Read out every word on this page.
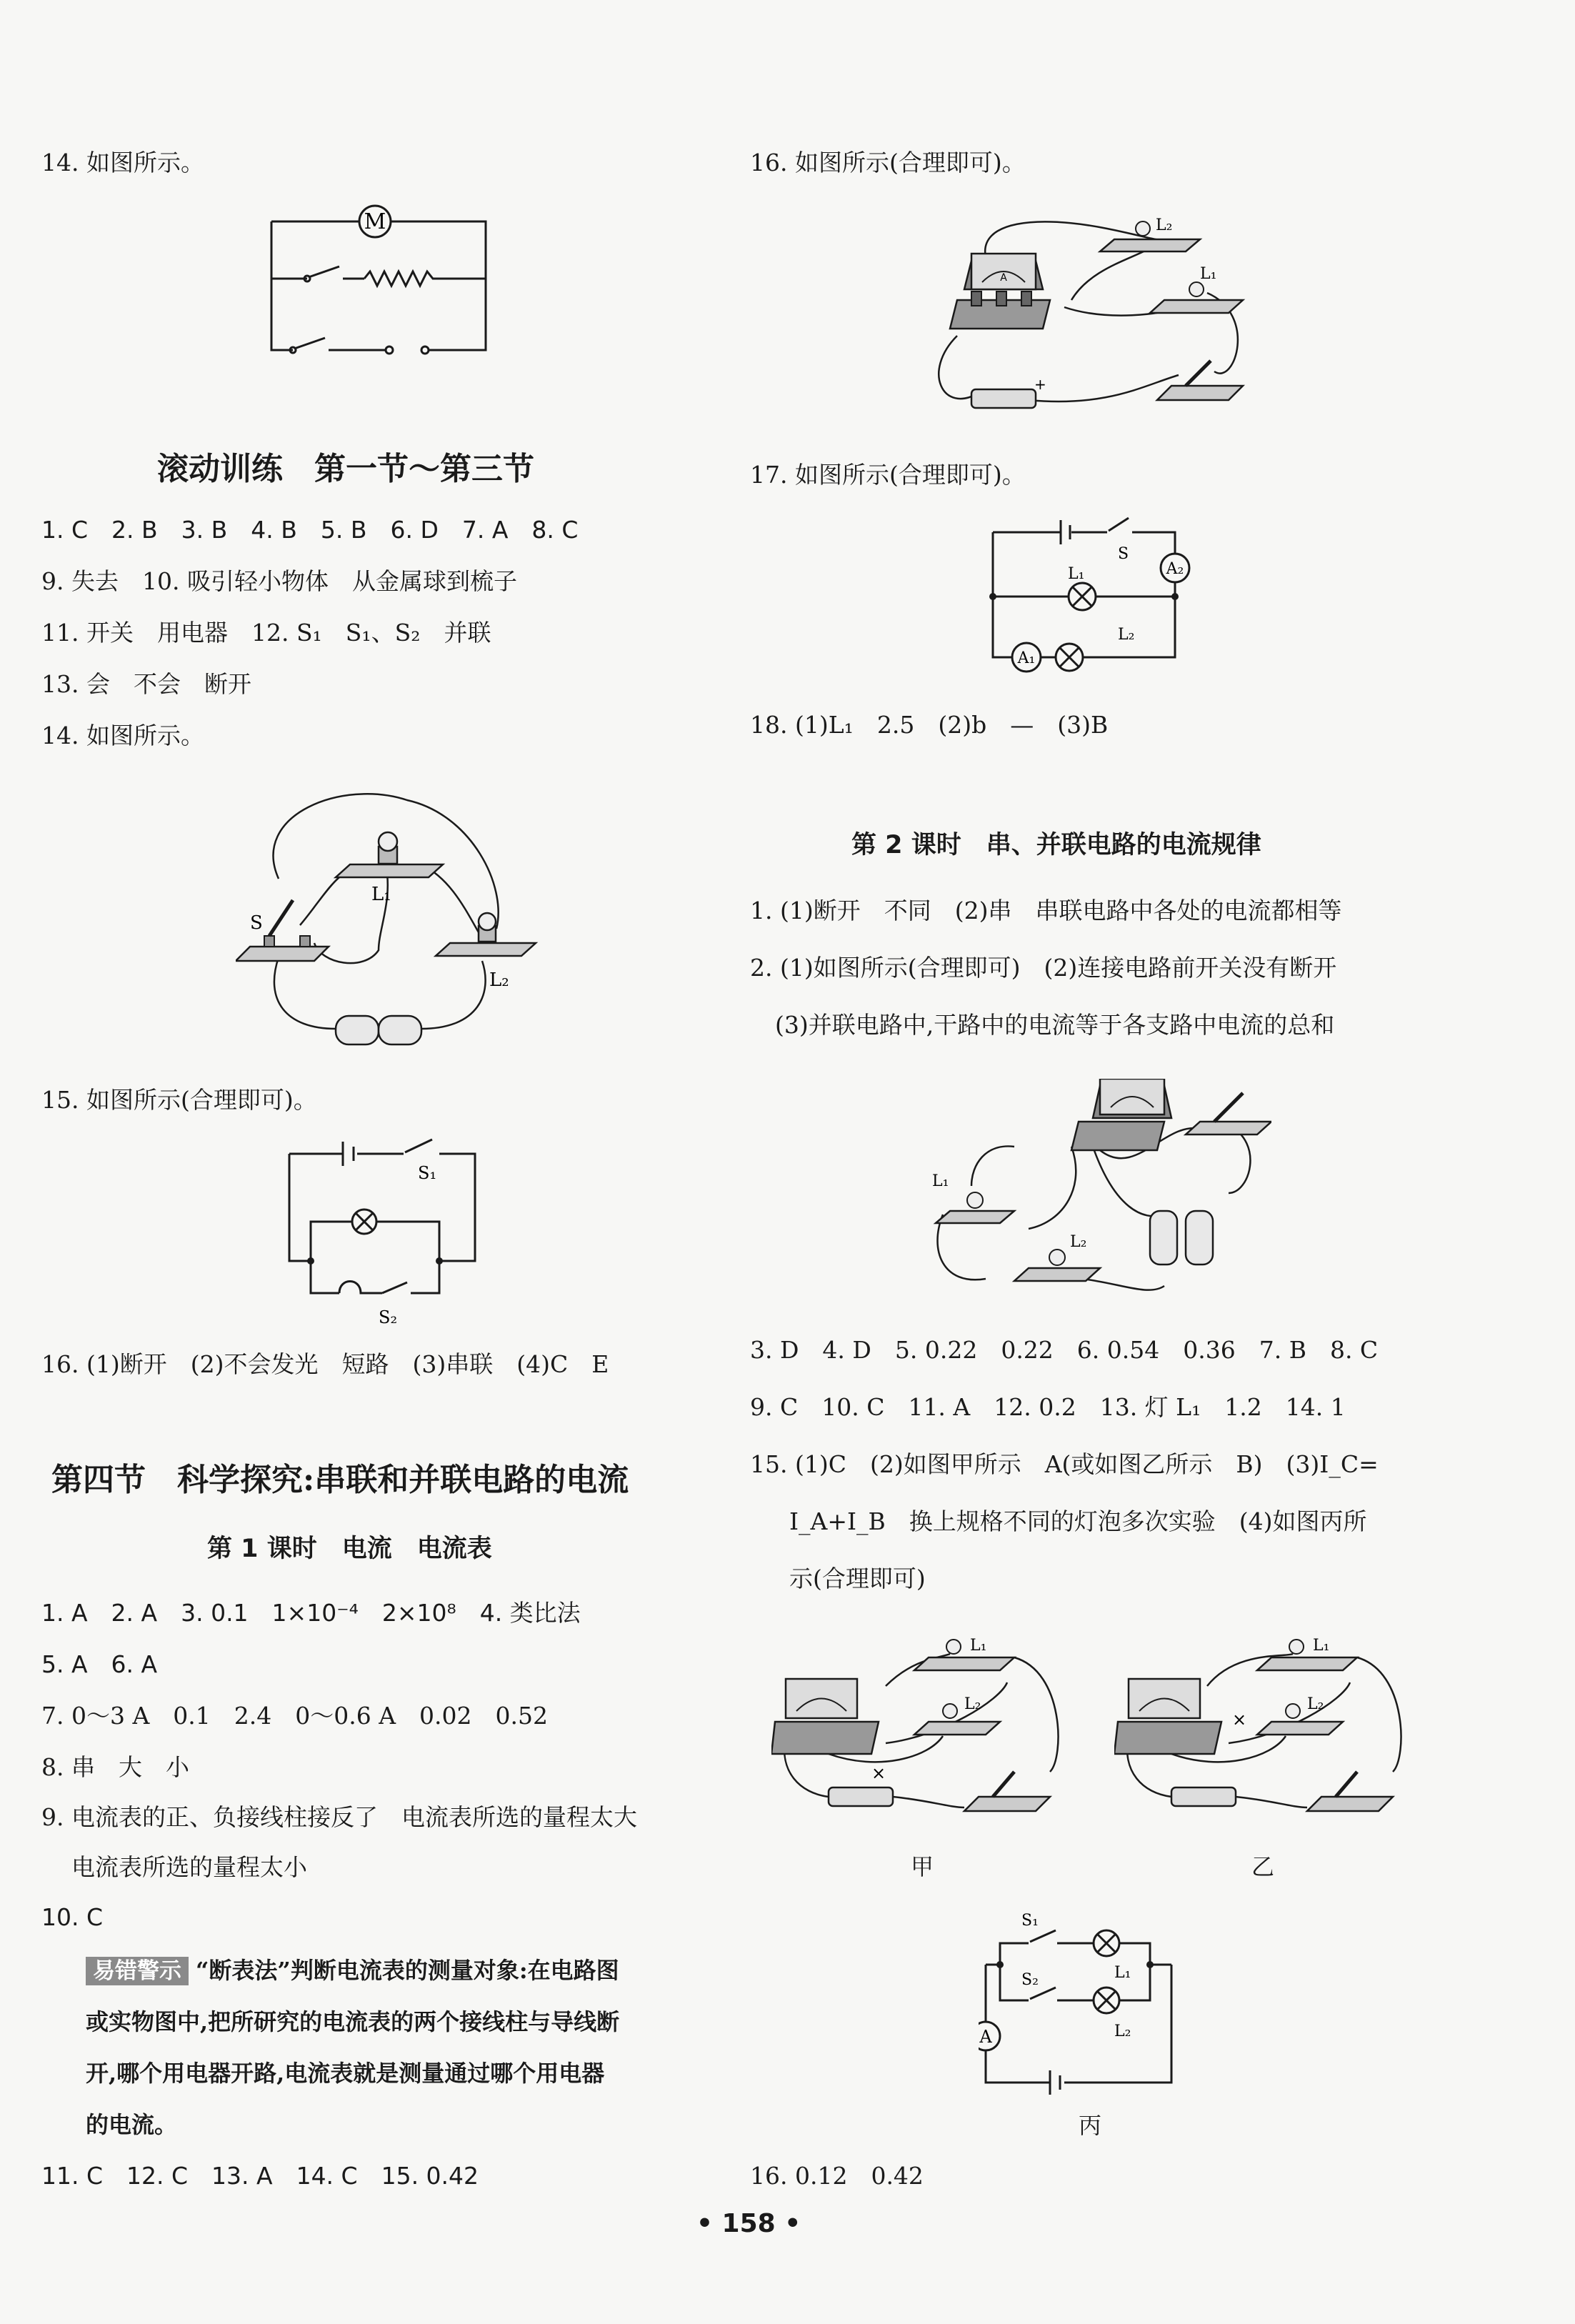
14. 如图所示。
M
滚动训练　第一节～第三节
1. C　2. B　3. B　4. B　5. B　6. D　7. A　8. C
9. 失去　10. 吸引轻小物体　从金属球到梳子
11. 开关　用电器　12. S₁　S₁、S₂　并联
13. 会　不会　断开
14. 如图所示。
L₁
S
L₂
15. 如图所示(合理即可)。
S₁
S₂
16. (1)断开　(2)不会发光　短路　(3)串联　(4)C　E
第四节　科学探究:串联和并联电路的电流
第 1 课时　电流　电流表
1. A　2. A　3. 0.1　1×10⁻⁴　2×10⁸　4. 类比法
5. A　6. A
7. 0～3 A　0.1　2.4　0～0.6 A　0.02　0.52
8. 串　大　小
9. 电流表的正、负接线柱接反了　电流表所选的量程太大
电流表所选的量程太小
10. C
易错警示 “断表法”判断电流表的测量对象:在电路图
或实物图中,把所研究的电流表的两个接线柱与导线断
开,哪个用电器开路,电流表就是测量通过哪个用电器
的电流。
11. C　12. C　13. A　14. C　15. 0.42
16. 如图所示(合理即可)。
A
L₂
L₁
+
17. 如图所示(合理即可)。
A₂
A₁
L₁
S
L₂
18. (1)L₁　2.5　(2)b　—　(3)B
第 2 课时　串、并联电路的电流规律
1. (1)断开　不同　(2)串　串联电路中各处的电流都相等
2. (1)如图所示(合理即可)　(2)连接电路前开关没有断开
(3)并联电路中,干路中的电流等于各支路中电流的总和
L₁
L₂
3. D　4. D　5. 0.22　0.22　6. 0.54　0.36　7. B　8. C
9. C　10. C　11. A　12. 0.2　13. 灯 L₁　1.2　14. 1
15. (1)C　(2)如图甲所示　A(或如图乙所示　B)　(3)I_C=
I_A+I_B　换上规格不同的灯泡多次实验　(4)如图丙所
示(合理即可)
×
L₁
L₂
甲
×
L₁
L₂
乙
A
S₁
S₂	L₁
L₂
丙
16. 0.12　0.42
• 158 •
